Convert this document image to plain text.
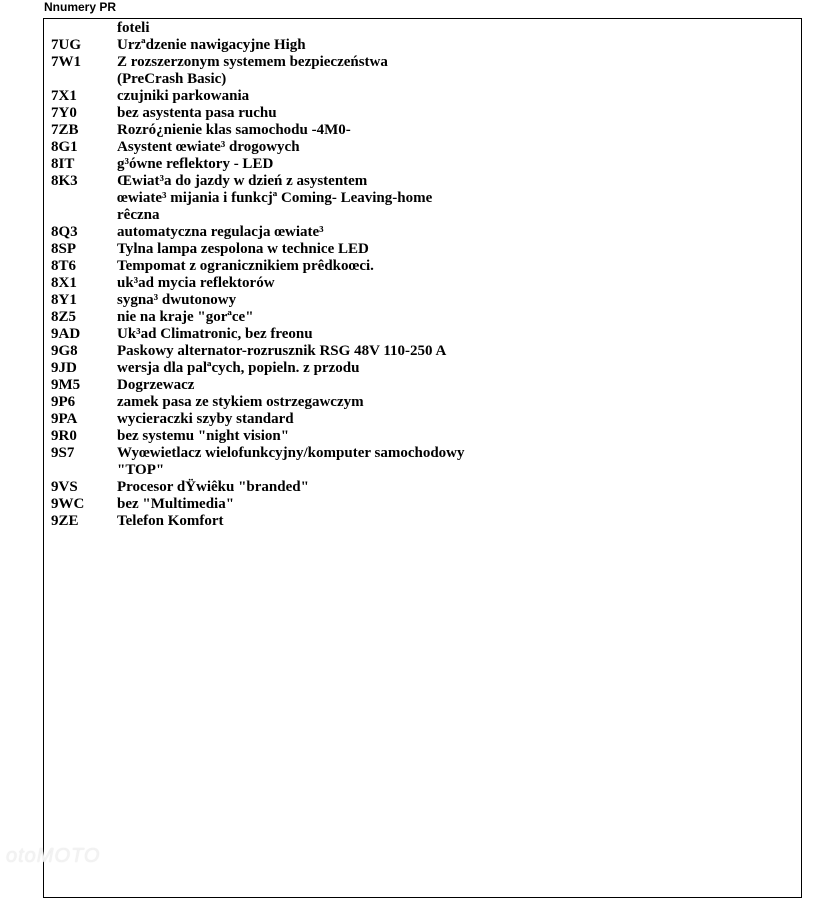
Nnumery PR
foteli
7UG	Urzªdzenie nawigacyjne High
7W1	Z rozszerzonym systemem bezpieczeństwa
(PreCrash Basic)
7X1	czujniki parkowania
7Y0	bez asystenta pasa ruchu
7ZB	Rozró¿nienie klas samochodu -4M0-
8G1	Asystent œwiate³ drogowych
8IT	g³ówne reflektory - LED
8K3	Œwiat³a do jazdy w dzień z asystentem
œwiate³ mijania i funkcjª Coming- Leaving-home
rêczna
8Q3	automatyczna regulacja œwiate³
8SP	Tylna lampa zespolona w technice LED
8T6	Tempomat z ogranicznikiem prêdkoœci.
8X1	uk³ad mycia reflektorów
8Y1	sygna³ dwutonowy
8Z5	nie na kraje "gorªce"
9AD	Uk³ad Climatronic, bez freonu
9G8	Paskowy alternator-rozrusznik RSG 48V 110-250 A
9JD	wersja dla palªcych, popieln. z przodu
9M5	Dogrzewacz
9P6	zamek pasa ze stykiem ostrzegawczym
9PA	wycieraczki szyby standard
9R0	bez systemu "night vision"
9S7	Wyœwietlacz wielofunkcyjny/komputer samochodowy
"TOP"
9VS	Procesor dŸwiêku "branded"
9WC	bez "Multimedia"
9ZE	Telefon Komfort
otoMOTO
